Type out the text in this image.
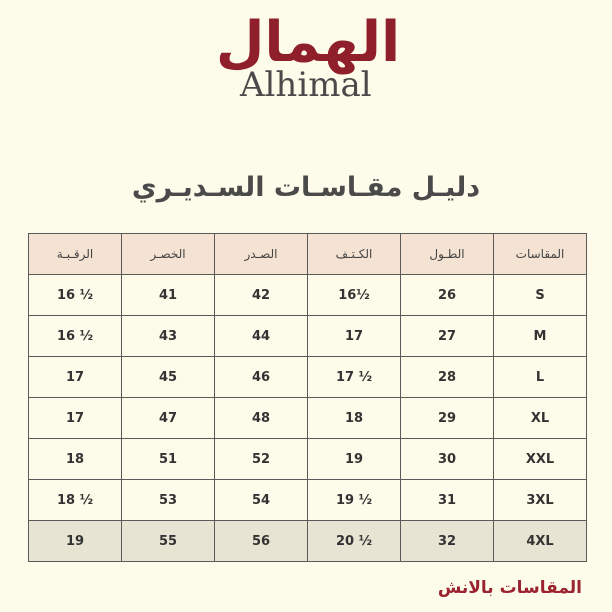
الهمال
Alhimal
دليـل مقـاسـات السـديـري
الرقـبـة	الخصـر	الصـدر	الكـتـف	الطـول	المقاسات
16 ½	41	42	16½	26	S
16 ½	43	44	17	27	M
17	45	46	17 ½	28	L
17	47	48	18	29	XL
18	51	52	19	30	XXL
18 ½	53	54	19 ½	31	3XL
19	55	56	20 ½	32	4XL
المقاسات بالانش
